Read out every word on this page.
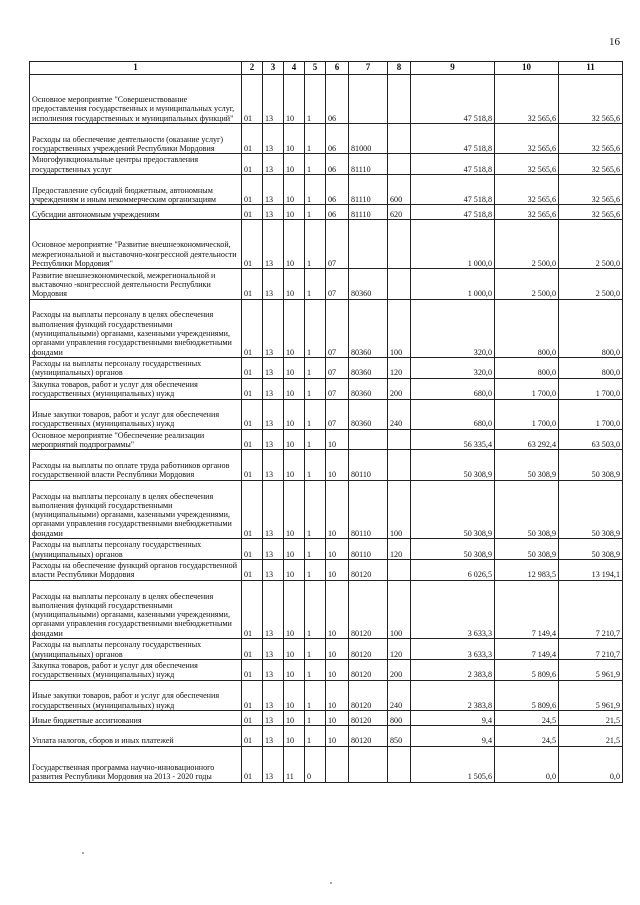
16
1	2	3	4	5	6	7	8	9	10	11
Основное мероприятие "Совершенствование предоставления государственных и муниципальных услуг, исполнения государственных и муниципальных функций"	01	13	10	1	06			47 518,8	32 565,6	32 565,6
Расходы на обеспечение деятельности (оказание услуг) государственных учреждений Республики Мордовия	01	13	10	1	06	81000		47 518,8	32 565,6	32 565,6
Многофункциональные центры предоставления государственных услуг	01	13	10	1	06	81110		47 518,8	32 565,6	32 565,6
Предоставление субсидий бюджетным, автономным учреждениям и иным некоммерческим организациям	01	13	10	1	06	81110	600	47 518,8	32 565,6	32 565,6
Субсидии автономным учреждениям	01	13	10	1	06	81110	620	47 518,8	32 565,6	32 565,6
Основное мероприятие "Развитие внешнеэкономической, межрегиональной и выставочно-конгрессной деятельности Республики Мордовия"	01	13	10	1	07			1 000,0	2 500,0	2 500,0
Развитие внешнеэкономической, межрегиональной и выставочно -конгрессной деятельности Республики Мордовия	01	13	10	1	07	80360		1 000,0	2 500,0	2 500,0
Расходы на выплаты персоналу в целях обеспечения выполнения функций государственными (муниципальными) органами, казенными учреждениями, органами управления государственными внебюджетными фондами	01	13	10	1	07	80360	100	320,0	800,0	800,0
Расходы на выплаты персоналу государственных (муниципальных) органов	01	13	10	1	07	80360	120	320,0	800,0	800,0
Закупка товаров, работ и услуг для обеспечения государственных (муниципальных) нужд	01	13	10	1	07	80360	200	680,0	1 700,0	1 700,0
Иные закупки товаров, работ и услуг для обеспечения государственных (муниципальных) нужд	01	13	10	1	07	80360	240	680,0	1 700,0	1 700,0
Основное мероприятие "Обеспечение реализации мероприятий подпрограммы"	01	13	10	1	10			56 335,4	63 292,4	63 503,0
Расходы на выплаты по оплате труда работников органов государственной власти Республики Мордовия	01	13	10	1	10	80110		50 308,9	50 308,9	50 308,9
Расходы на выплаты персоналу в целях обеспечения выполнения функций государственными (муниципальными) органами, казенными учреждениями, органами управления государственными внебюджетными фондами	01	13	10	1	10	80110	100	50 308,9	50 308,9	50 308,9
Расходы на выплаты персоналу государственных (муниципальных) органов	01	13	10	1	10	80110	120	50 308,9	50 308,9	50 308,9
Расходы на обеспечение функций органов государственной власти Республики Мордовия	01	13	10	1	10	80120		6 026,5	12 983,5	13 194,1
Расходы на выплаты персоналу в целях обеспечения выполнения функций государственными (муниципальными) органами, казенными учреждениями, органами управления государственными внебюджетными фондами	01	13	10	1	10	80120	100	3 633,3	7 149,4	7 210,7
Расходы на выплаты персоналу государственных (муниципальных) органов	01	13	10	1	10	80120	120	3 633,3	7 149,4	7 210,7
Закупка товаров, работ и услуг для обеспечения государственных (муниципальных) нужд	01	13	10	1	10	80120	200	2 383,8	5 809,6	5 961,9
Иные закупки товаров, работ и услуг для обеспечения государственных (муниципальных) нужд	01	13	10	1	10	80120	240	2 383,8	5 809,6	5 961,9
Иные бюджетные ассигнования	01	13	10	1	10	80120	800	9,4	24,5	21,5
Уплата налогов, сборов и иных платежей	01	13	10	1	10	80120	850	9,4	24,5	21,5
Государственная программа научно-инновационного развития Республики Мордовия на 2013 - 2020 годы	01	13	11	0				1 505,6	0,0	0,0
